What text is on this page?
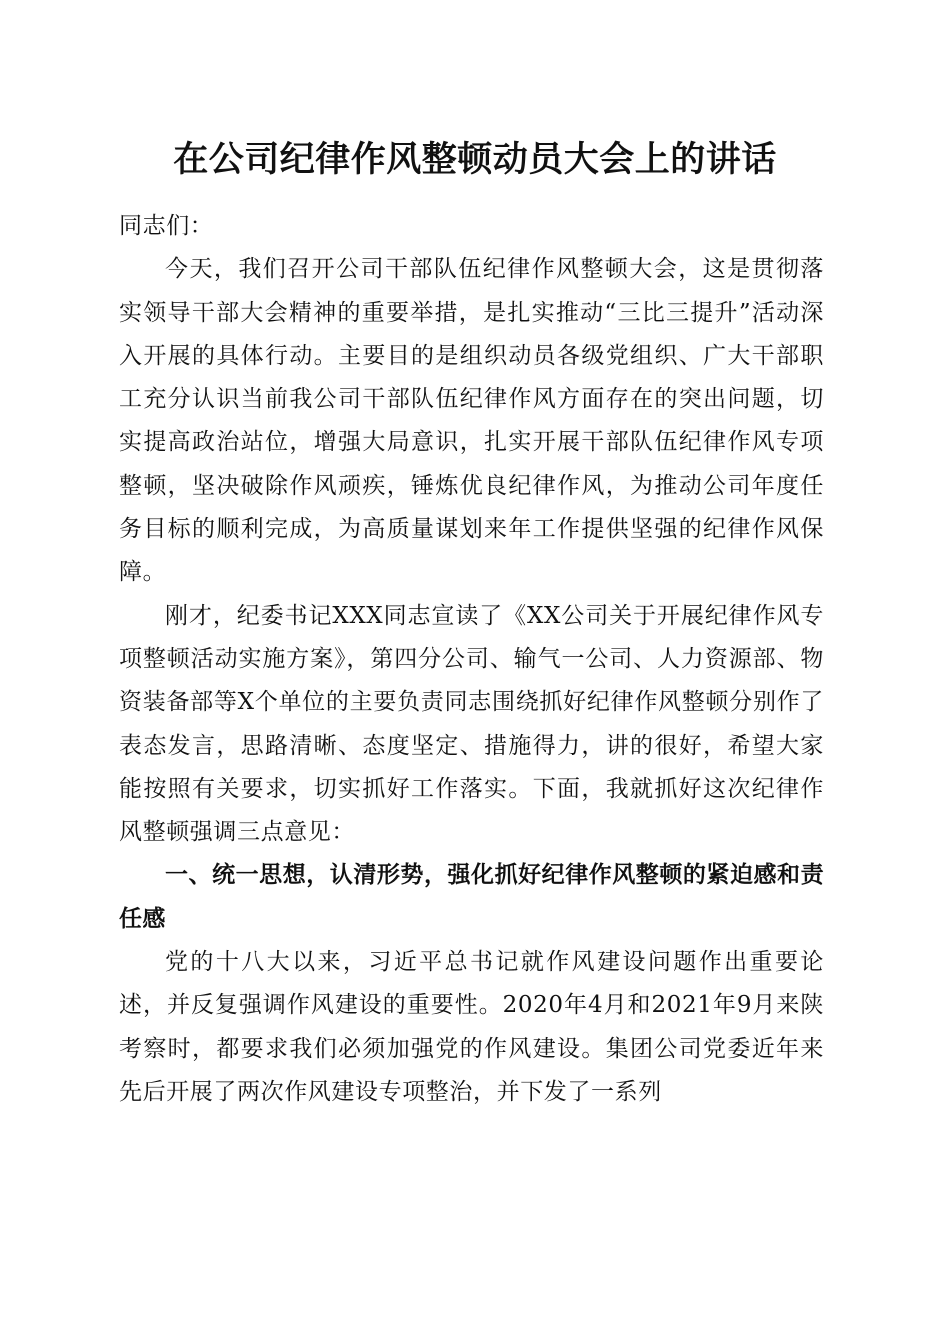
在公司纪律作风整顿动员大会上的讲话

同志们：

今天，我们召开公司干部队伍纪律作风整顿大会，这是贯彻落实领导干部大会精神的重要举措，是扎实推动“三比三提升”活动深入开展的具体行动。主要目的是组织动员各级党组织、广大干部职工充分认识当前我公司干部队伍纪律作风方面存在的突出问题，切实提高政治站位，增强大局意识，扎实开展干部队伍纪律作风专项整顿，坚决破除作风顽疾，锤炼优良纪律作风，为推动公司年度任务目标的顺利完成，为高质量谋划来年工作提供坚强的纪律作风保障。

刚才，纪委书记XXX同志宣读了《XX公司关于开展纪律作风专项整顿活动实施方案》，第四分公司、输气一公司、人力资源部、物资装备部等X个单位的主要负责同志围绕抓好纪律作风整顿分别作了表态发言，思路清晰、态度坚定、措施得力，讲的很好，希望大家能按照有关要求，切实抓好工作落实。下面，我就抓好这次纪律作风整顿强调三点意见：

一、统一思想，认清形势，强化抓好纪律作风整顿的紧迫感和责任感

党的十八大以来，习近平总书记就作风建设问题作出重要论述，并反复强调作风建设的重要性。2020年4月和2021年9月来陕考察时，都要求我们必须加强党的作风建设。集团公司党委近年来先后开展了两次作风建设专项整治，并下发了一系列
